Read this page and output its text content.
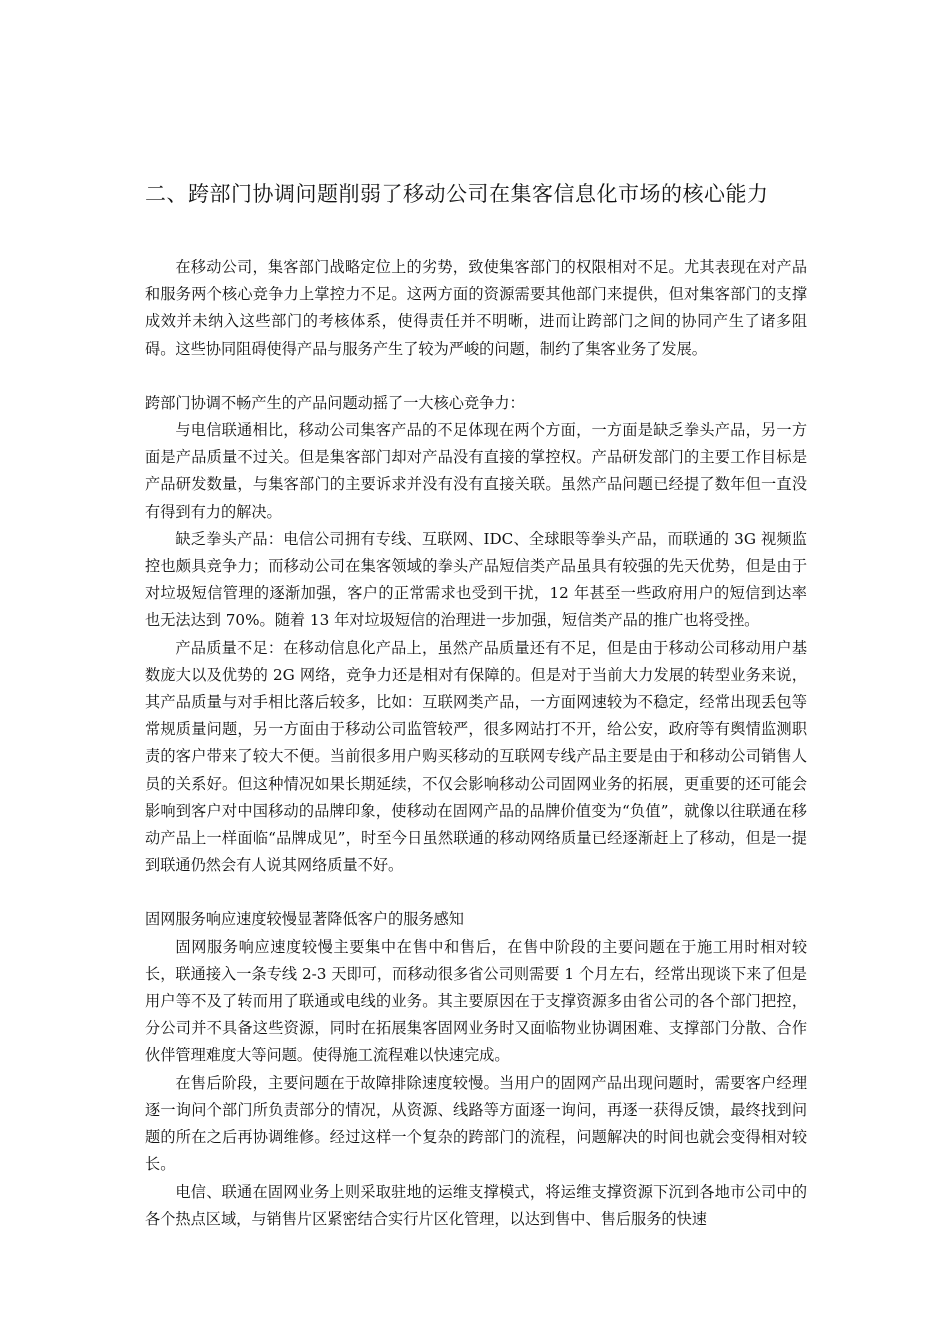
二、跨部门协调问题削弱了移动公司在集客信息化市场的核心能力

在移动公司，集客部门战略定位上的劣势，致使集客部门的权限相对不足。尤其表现在对产品和服务两个核心竞争力上掌控力不足。这两方面的资源需要其他部门来提供，但对集客部门的支撑成效并未纳入这些部门的考核体系，使得责任并不明晰，进而让跨部门之间的协同产生了诸多阻碍。这些协同阻碍使得产品与服务产生了较为严峻的问题，制约了集客业务了发展。

跨部门协调不畅产生的产品问题动摇了一大核心竞争力：

与电信联通相比，移动公司集客产品的不足体现在两个方面，一方面是缺乏拳头产品，另一方面是产品质量不过关。但是集客部门却对产品没有直接的掌控权。产品研发部门的主要工作目标是产品研发数量，与集客部门的主要诉求并没有没有直接关联。虽然产品问题已经提了数年但一直没有得到有力的解决。

缺乏拳头产品：电信公司拥有专线、互联网、IDC、全球眼等拳头产品，而联通的 3G 视频监控也颇具竞争力；而移动公司在集客领域的拳头产品短信类产品虽具有较强的先天优势，但是由于对垃圾短信管理的逐渐加强，客户的正常需求也受到干扰，12 年甚至一些政府用户的短信到达率也无法达到 70%。随着 13 年对垃圾短信的治理进一步加强，短信类产品的推广也将受挫。

产品质量不足：在移动信息化产品上，虽然产品质量还有不足，但是由于移动公司移动用户基数庞大以及优势的 2G 网络，竞争力还是相对有保障的。但是对于当前大力发展的转型业务来说，其产品质量与对手相比落后较多，比如：互联网类产品，一方面网速较为不稳定，经常出现丢包等常规质量问题，另一方面由于移动公司监管较严，很多网站打不开，给公安，政府等有舆情监测职责的客户带来了较大不便。当前很多用户购买移动的互联网专线产品主要是由于和移动公司销售人员的关系好。但这种情况如果长期延续，不仅会影响移动公司固网业务的拓展，更重要的还可能会影响到客户对中国移动的品牌印象，使移动在固网产品的品牌价值变为“负值”，就像以往联通在移动产品上一样面临“品牌成见”，时至今日虽然联通的移动网络质量已经逐渐赶上了移动，但是一提到联通仍然会有人说其网络质量不好。

固网服务响应速度较慢显著降低客户的服务感知

固网服务响应速度较慢主要集中在售中和售后，在售中阶段的主要问题在于施工用时相对较长，联通接入一条专线 2-3 天即可，而移动很多省公司则需要 1 个月左右，经常出现谈下来了但是用户等不及了转而用了联通或电线的业务。其主要原因在于支撑资源多由省公司的各个部门把控，分公司并不具备这些资源，同时在拓展集客固网业务时又面临物业协调困难、支撑部门分散、合作伙伴管理难度大等问题。使得施工流程难以快速完成。

在售后阶段，主要问题在于故障排除速度较慢。当用户的固网产品出现问题时，需要客户经理逐一询问个部门所负责部分的情况，从资源、线路等方面逐一询问，再逐一获得反馈，最终找到问题的所在之后再协调维修。经过这样一个复杂的跨部门的流程，问题解决的时间也就会变得相对较长。

电信、联通在固网业务上则采取驻地的运维支撑模式，将运维支撑资源下沉到各地市公司中的各个热点区域，与销售片区紧密结合实行片区化管理，以达到售中、售后服务的快速
